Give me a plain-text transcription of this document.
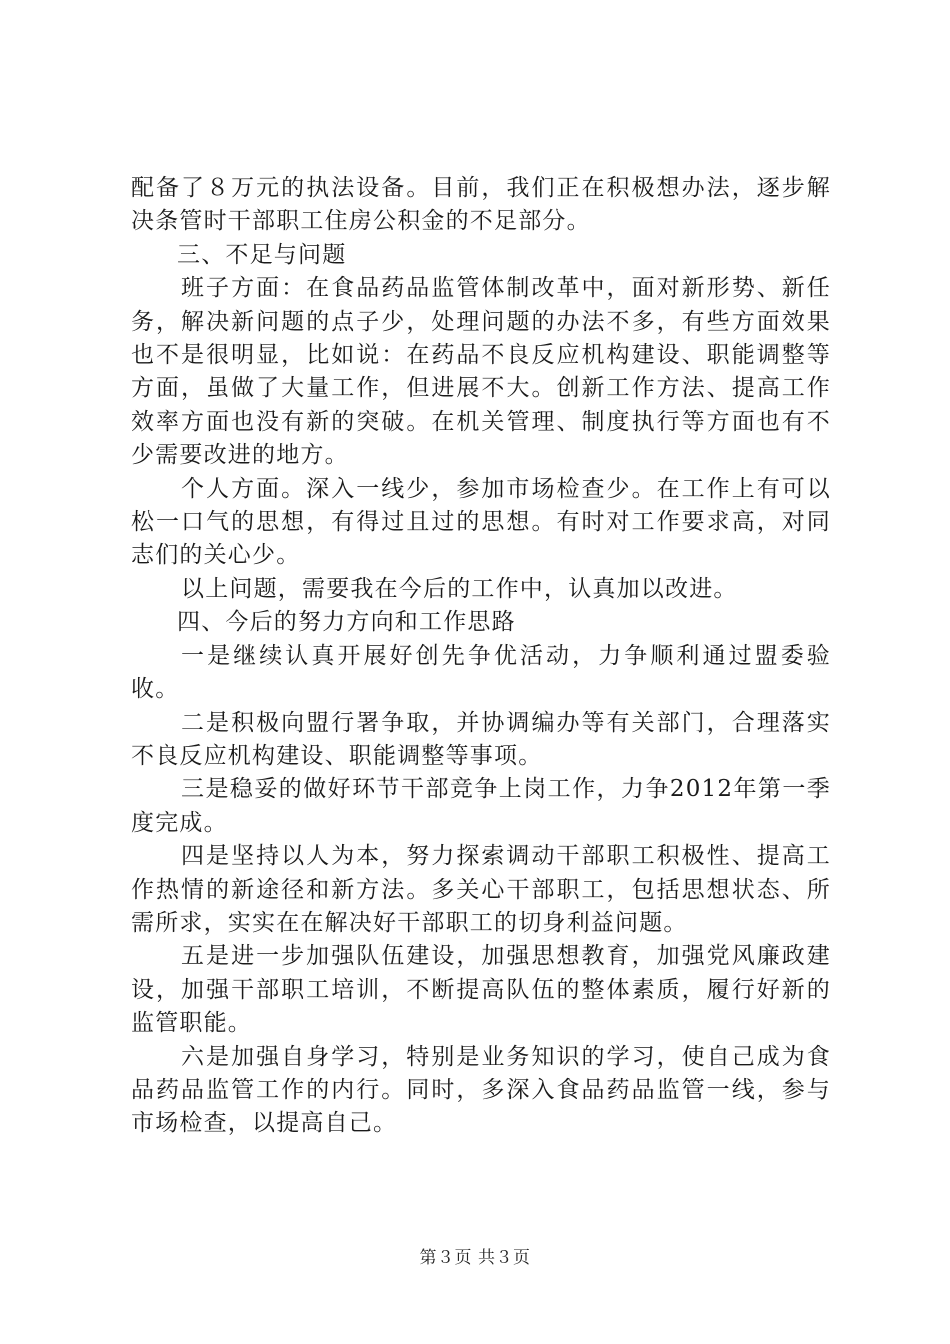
配备了８万元的执法设备。目前，我们正在积极想办法，逐步解决条管时干部职工住房公积金的不足部分。

三、不足与问题

班子方面：在食品药品监管体制改革中，面对新形势、新任务，解决新问题的点子少，处理问题的办法不多，有些方面效果也不是很明显，比如说：在药品不良反应机构建设、职能调整等方面，虽做了大量工作，但进展不大。创新工作方法、提高工作效率方面也没有新的突破。在机关管理、制度执行等方面也有不少需要改进的地方。

个人方面。深入一线少，参加市场检查少。在工作上有可以松一口气的思想，有得过且过的思想。有时对工作要求高，对同志们的关心少。

以上问题，需要我在今后的工作中，认真加以改进。

四、今后的努力方向和工作思路

一是继续认真开展好创先争优活动，力争顺利通过盟委验收。

二是积极向盟行署争取，并协调编办等有关部门，合理落实不良反应机构建设、职能调整等事项。

三是稳妥的做好环节干部竞争上岗工作，力争2012年第一季度完成。

四是坚持以人为本，努力探索调动干部职工积极性、提高工作热情的新途径和新方法。多关心干部职工，包括思想状态、所需所求，实实在在解决好干部职工的切身利益问题。

五是进一步加强队伍建设，加强思想教育，加强党风廉政建设，加强干部职工培训，不断提高队伍的整体素质，履行好新的监管职能。

六是加强自身学习，特别是业务知识的学习，使自己成为食品药品监管工作的内行。同时，多深入食品药品监管一线，参与市场检查，以提高自己。

第３页 共３页
